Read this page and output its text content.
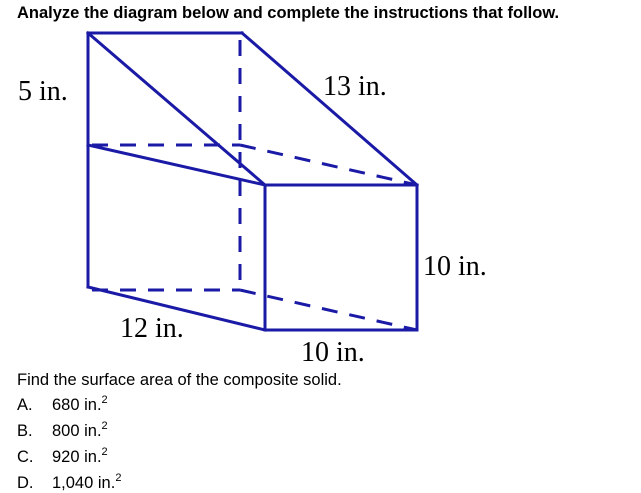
Analyze the diagram below and complete the instructions that follow.
5 in.	13 in.
10 in.
12 in.
10 in.
Find the surface area of the composite solid.
A. 680 in.$^2$
B. 800 in.$^2$
C. 920 in.$^2$
D. 1,040 in.$^2$
